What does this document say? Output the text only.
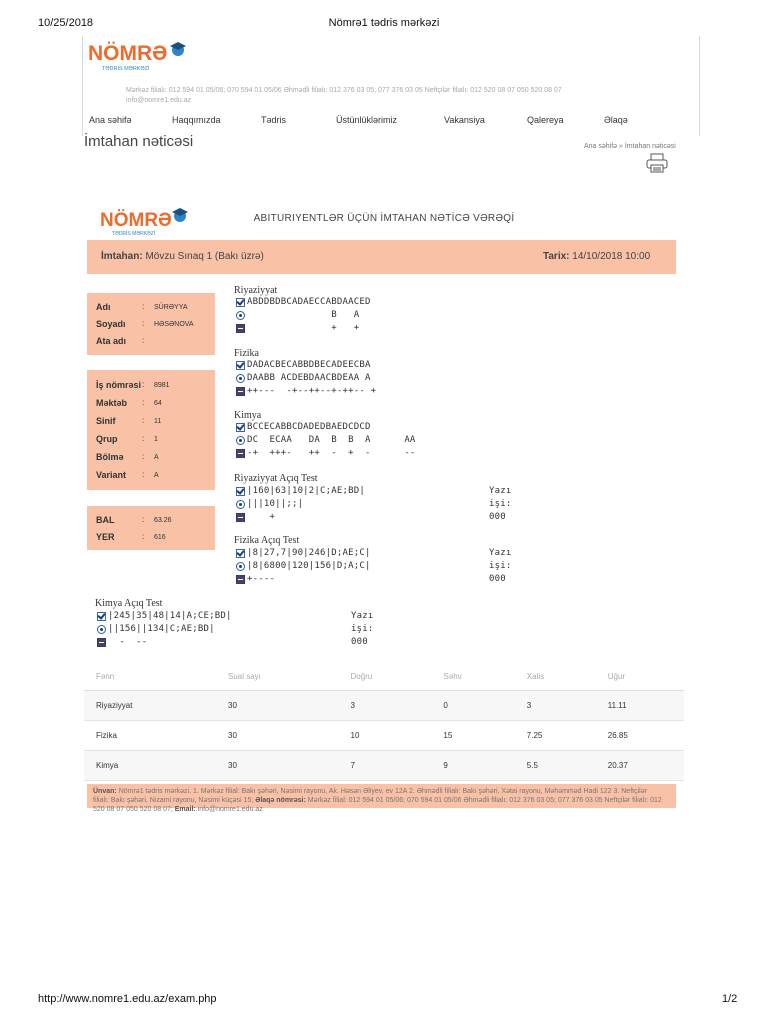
10/25/2018	Nömrə1 tədris mərkəzi
NÖMRƏ
TƏDRİS MƏRKƏZİ
Mərkəz filialı: 012 594 01 05/06; 070 594 01 05/06 Əhmədli filialı: 012 376 03 05; 077 376 03 05 Neftçilər filialı: 012 520 08 07 050 520 08 07
info@nomre1.edu.az
Ana səhifə	Haqqımızda	Tədris	Üstünlüklərimiz	Vakansiya	Qalereya	Əlaqə
İmtahan nəticəsi	Ana səhifə » İmtahan nəticəsi
NÖMRƏ
TƏDRİS MƏRKƏZİ
ABITURIYENTLƏR ÜÇÜN İMTAHAN NƏTİCƏ VƏRƏQİ
İmtahan: Mövzu Sınaq 1 (Bakı üzrə)	Tarix: 14/10/2018 10:00
Adı	: SÜRƏYYA
Soyadı : HƏSƏNOVA
Ata adı :
İş nömrəsi : 8981
Məktəb : 64
Sinif	: 11
Qrup	: 1
Bölmə : A
Variant : A
BAL	: 63.26
YER	: 616
Riyaziyyat
ABDDBDBCADAECCABDAACED
B   A
+   +
Fizika
DADACBECABBDBECADEECBA
DAABB ACDEBDAACBDEAA A
++---  -+--++--+-++-- +
Kimya
BCCECABBCDADEDBAEDCDCD
DC  ECAA   DA  B  B  A      AA
-+  +++-   ++  -  +  -      --
Riyaziyyat Açıq Test
|160|63|10|2|C;AE;BD|
|||10||;;|
+
Yazı
işi:
000
Fizika Açıq Test
|8|27,7|90|246|D;AE;C|
|8|6800|120|156|D;A;C|
+----
Yazı
işi:
000
Kimya Açıq Test
|245|35|48|14|A;CE;BD|
||156||134|C;AE;BD|
-  --
Yazı
işi:
000
Fənn	Sual sayı	Doğru	Səhv	Xalis	Uğur
Riyaziyyat	30	3	0	3	11.11
Fizika	30	10	15	7.25	26.85
Kimya	30	7	9	5.5	20.37
Ünvan: Nömrə1 tədris mərkəzi, 1. Mərkəz filial: Bakı şəhəri, Nəsimi rayonu, Ak. Həsən Əliyev, ev 12A 2. Əhmədli filialı: Bakı şəhəri, Xətai rayonu, Məhəmməd Hadi 122 3. Neftçilər filialı: Bakı şəhəri, Nizami rayonu, Nəsimi küçəsi 15; Əlaqə nömrəsi: Mərkəz filial: 012 594 01 05/06; 070 594 01 05/06 Əhmədli filialı: 012 376 03 05; 077 376 03 05 Neftçilər filialı: 012 520 08 07 050 520 08 07; Email: info@nomre1.edu.az
http://www.nomre1.edu.az/exam.php	1/2
